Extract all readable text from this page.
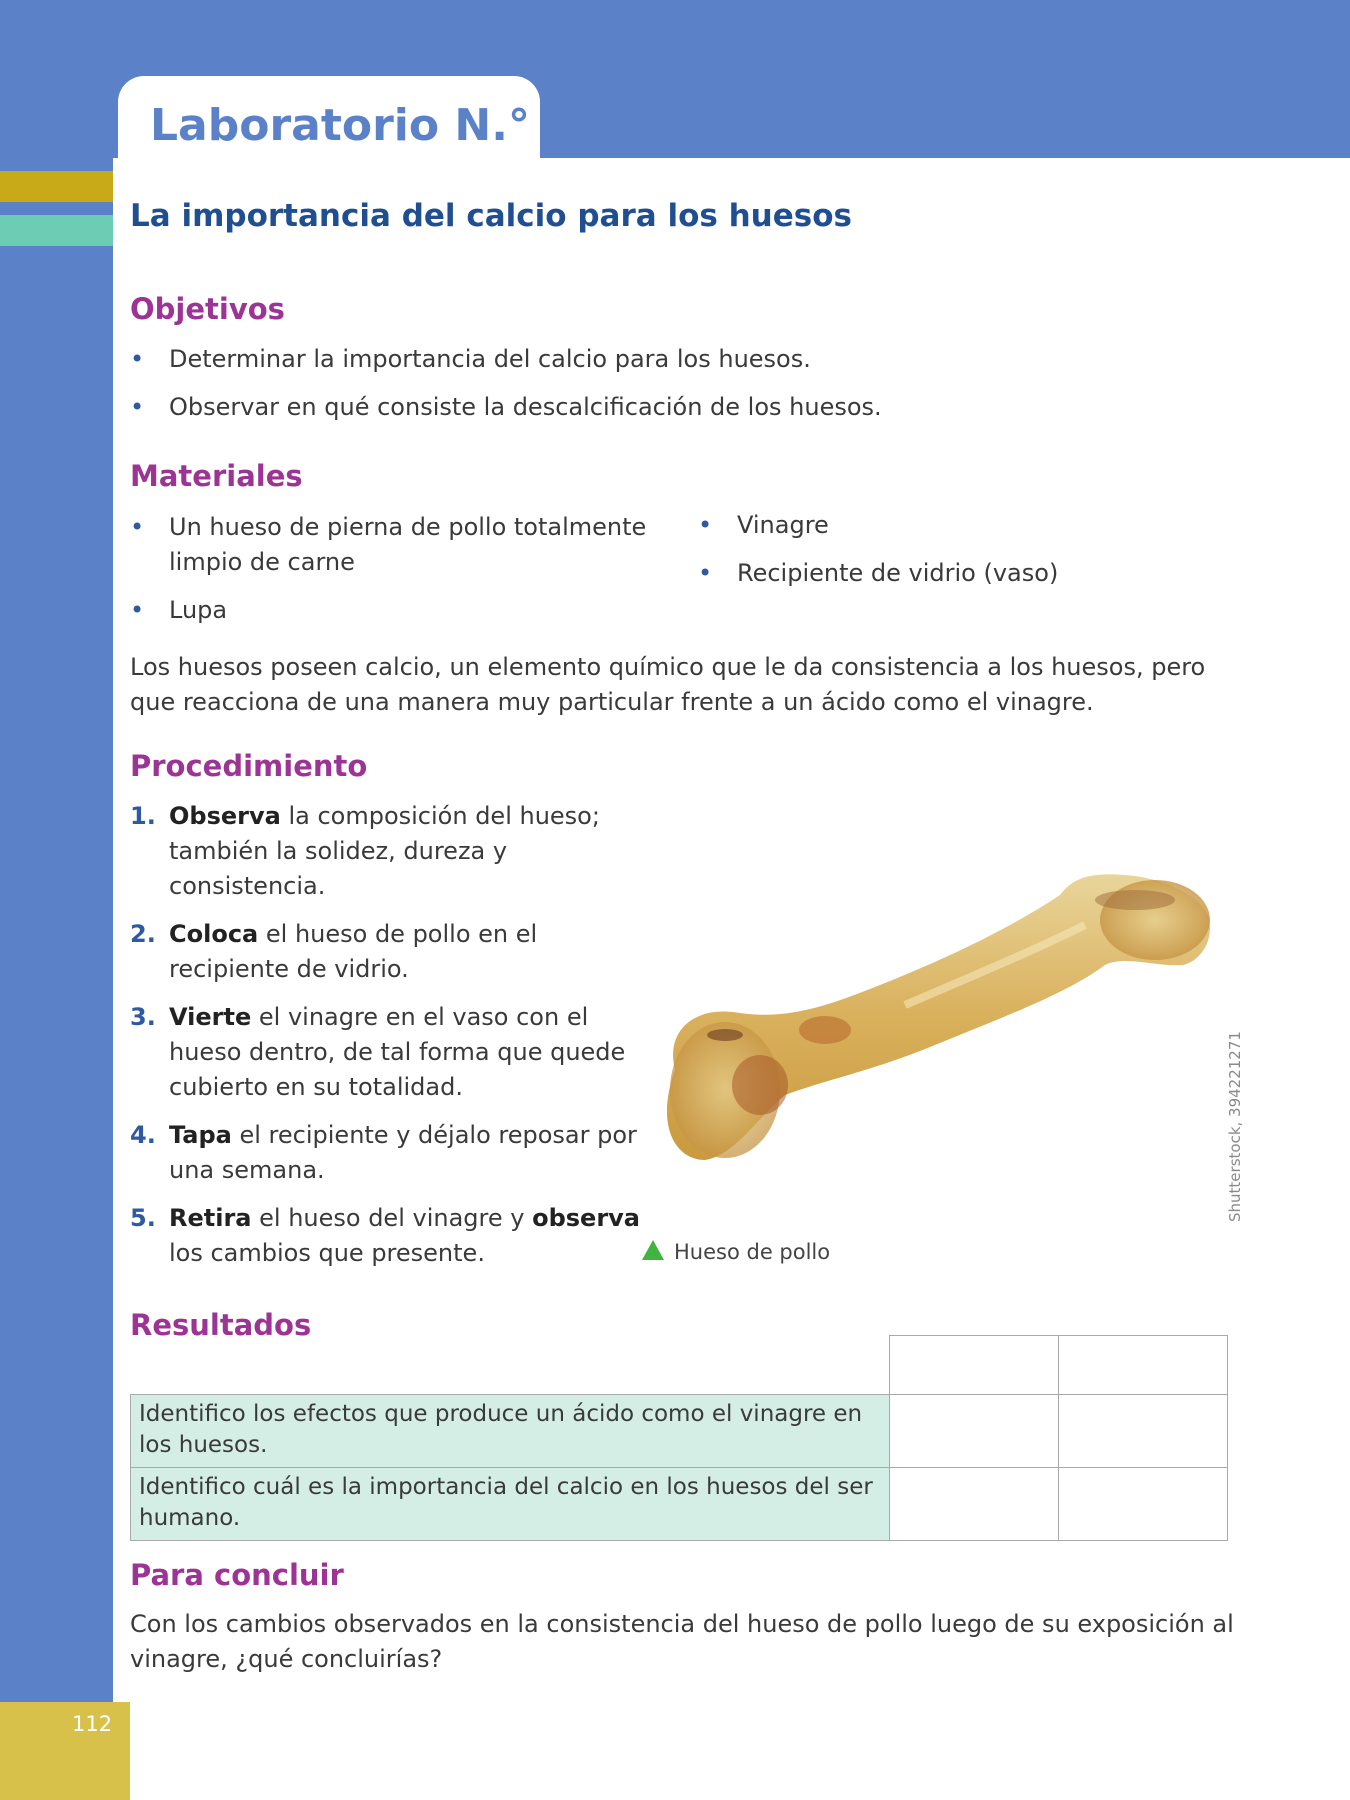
112
Laboratorio N.° 3
La importancia del calcio para los huesos
Objetivos
• Determinar la importancia del calcio para los huesos.
• Observar en qué consiste la descalcificación de los huesos.
Materiales
• Un hueso de pierna de pollo totalmente limpio de carne
• Lupa
• Vinagre
• Recipiente de vidrio (vaso)

Los huesos poseen calcio, un elemento químico que le da consistencia a los huesos, pero que reacciona de una manera muy particular frente a un ácido como el vinagre.

Procedimiento
1. Observa la composición del hueso; también la solidez, dureza y consistencia.
2. Coloca el hueso de pollo en el recipiente de vidrio.
3. Vierte el vinagre en el vaso con el hueso dentro, de tal forma que quede cubierto en su totalidad.
4. Tapa el recipiente y déjalo reposar por una semana.
5. Retira el hueso del vinagre y observa los cambios que presente.
Shutterstock, 394221271
Hueso de pollo
Resultados
	Alcanzado	Por alcanzar
Identifico los efectos que produce un ácido como el vinagre en los huesos.		
Identifico cuál es la importancia del calcio en los huesos del ser humano.		
Para concluir

Con los cambios observados en la consistencia del hueso de pollo luego de su exposición al vinagre, ¿qué concluirías?
